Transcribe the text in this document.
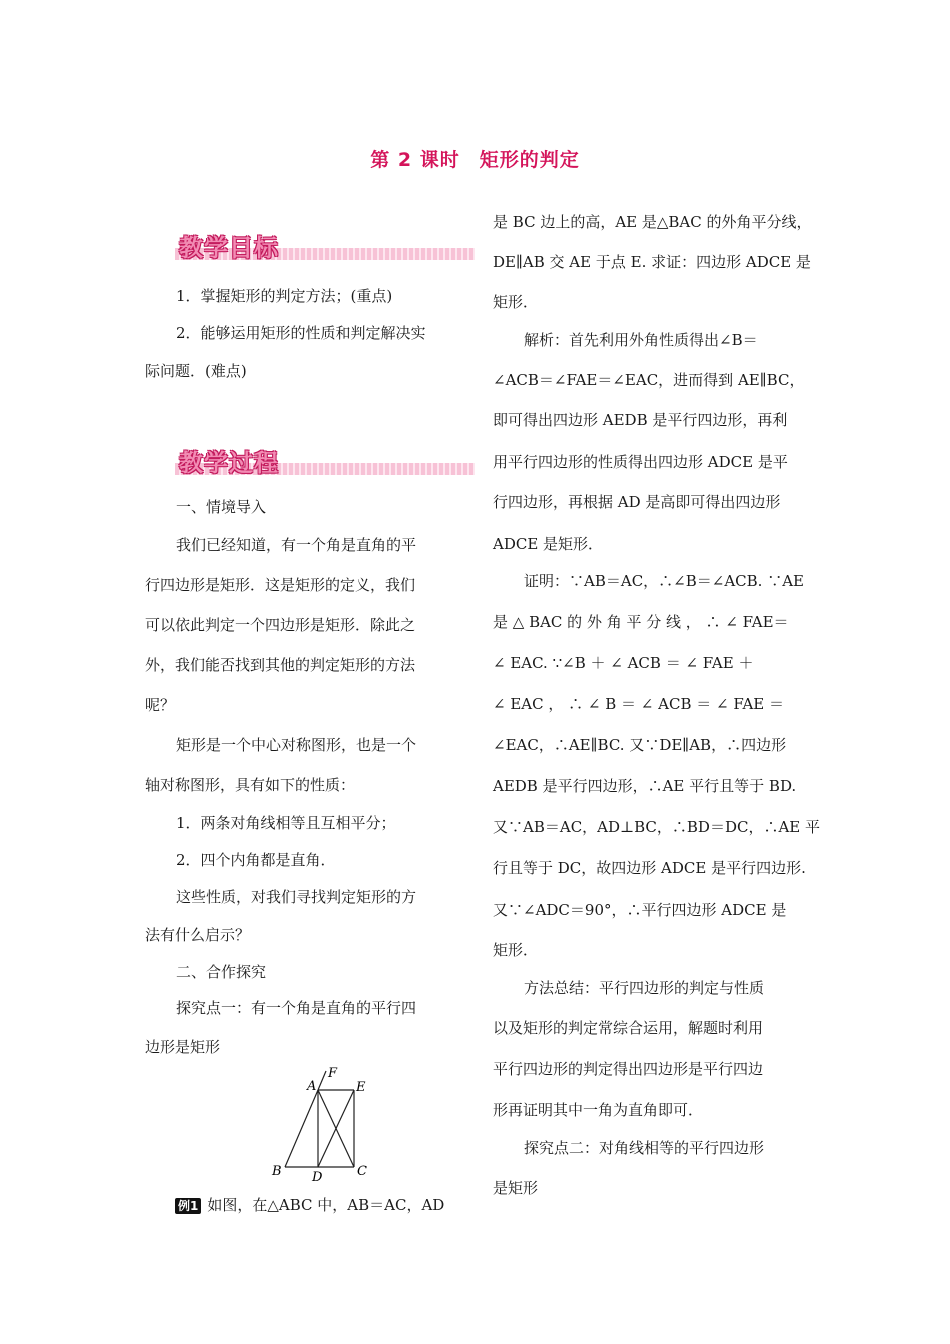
第 2 课时　矩形的判定
教学目标
1．掌握矩形的判定方法；(重点)
2．能够运用矩形的性质和判定解决实
际问题．(难点)
教学过程
一、情境导入
我们已经知道，有一个角是直角的平
行四边形是矩形．这是矩形的定义，我们
可以依此判定一个四边形是矩形．除此之
外，我们能否找到其他的判定矩形的方法
呢？
矩形是一个中心对称图形，也是一个
轴对称图形，具有如下的性质：
1．两条对角线相等且互相平分；
2．四个内角都是直角．
这些性质，对我们寻找判定矩形的方
法有什么启示？
二、合作探究
探究点一：有一个角是直角的平行四
边形是矩形
A
F
E
B D	C
例1 如图，在△ABC 中，AB＝AC，AD
是 BC 边上的高，AE 是△BAC 的外角平分线，
DE∥AB 交 AE 于点 E. 求证：四边形 ADCE 是
矩形．
解析：首先利用外角性质得出∠B＝
∠ACB＝∠FAE＝∠EAC，进而得到 AE∥BC，
即可得出四边形 AEDB 是平行四边形，再利
用平行四边形的性质得出四边形 ADCE 是平
行四边形，再根据 AD 是高即可得出四边形
ADCE 是矩形．
证明：∵AB＝AC，∴∠B＝∠ACB. ∵AE
是 △ BAC 的 外 角 平 分 线 ， ∴ ∠ FAE＝
∠ EAC. ∵∠B ＋ ∠ ACB ＝ ∠ FAE ＋
∠ EAC ， ∴ ∠ B ＝ ∠ ACB ＝ ∠ FAE ＝
∠EAC，∴AE∥BC. 又∵DE∥AB，∴四边形
AEDB 是平行四边形，∴AE 平行且等于 BD.
又∵AB＝AC，AD⊥BC，∴BD＝DC，∴AE 平
行且等于 DC，故四边形 ADCE 是平行四边形.
又∵∠ADC＝90°，∴平行四边形 ADCE 是
矩形．
方法总结：平行四边形的判定与性质
以及矩形的判定常综合运用，解题时利用
平行四边形的判定得出四边形是平行四边
形再证明其中一角为直角即可．
探究点二：对角线相等的平行四边形
是矩形
